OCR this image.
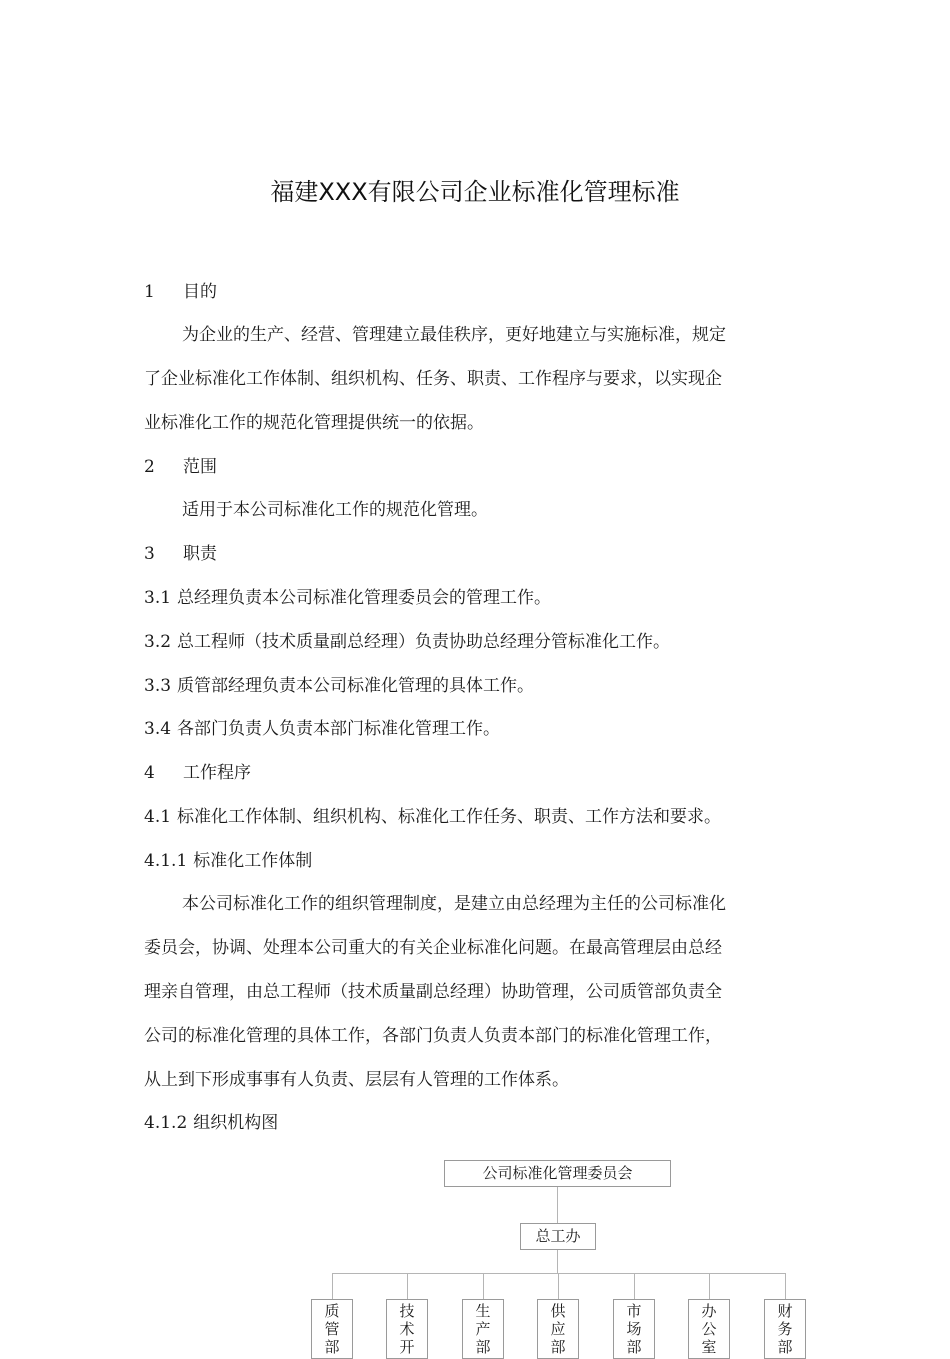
福建XXX有限公司企业标准化管理标准
1 目的
为企业的生产、经营、管理建立最佳秩序，更好地建立与实施标准，规定
了企业标准化工作体制、组织机构、任务、职责、工作程序与要求，以实现企
业标准化工作的规范化管理提供统一的依据。
2 范围
适用于本公司标准化工作的规范化管理。
3 职责
3.1 总经理负责本公司标准化管理委员会的管理工作。
3.2 总工程师（技术质量副总经理）负责协助总经理分管标准化工作。
3.3 质管部经理负责本公司标准化管理的具体工作。
3.4 各部门负责人负责本部门标准化管理工作。
4 工作程序
4.1 标准化工作体制、组织机构、标准化工作任务、职责、工作方法和要求。
4.1.1 标准化工作体制
本公司标准化工作的组织管理制度，是建立由总经理为主任的公司标准化
委员会，协调、处理本公司重大的有关企业标准化问题。在最高管理层由总经
理亲自管理，由总工程师（技术质量副总经理）协助管理，公司质管部负责全
公司的标准化管理的具体工作，各部门负责人负责本部门的标准化管理工作，
从上到下形成事事有人负责、层层有人管理的工作体系。
4.1.2 组织机构图
公司标准化管理委员会
总工办
质
管
部
技
术
开
生
产
部
供
应
部
市
场
部
办
公
室
财
务
部
